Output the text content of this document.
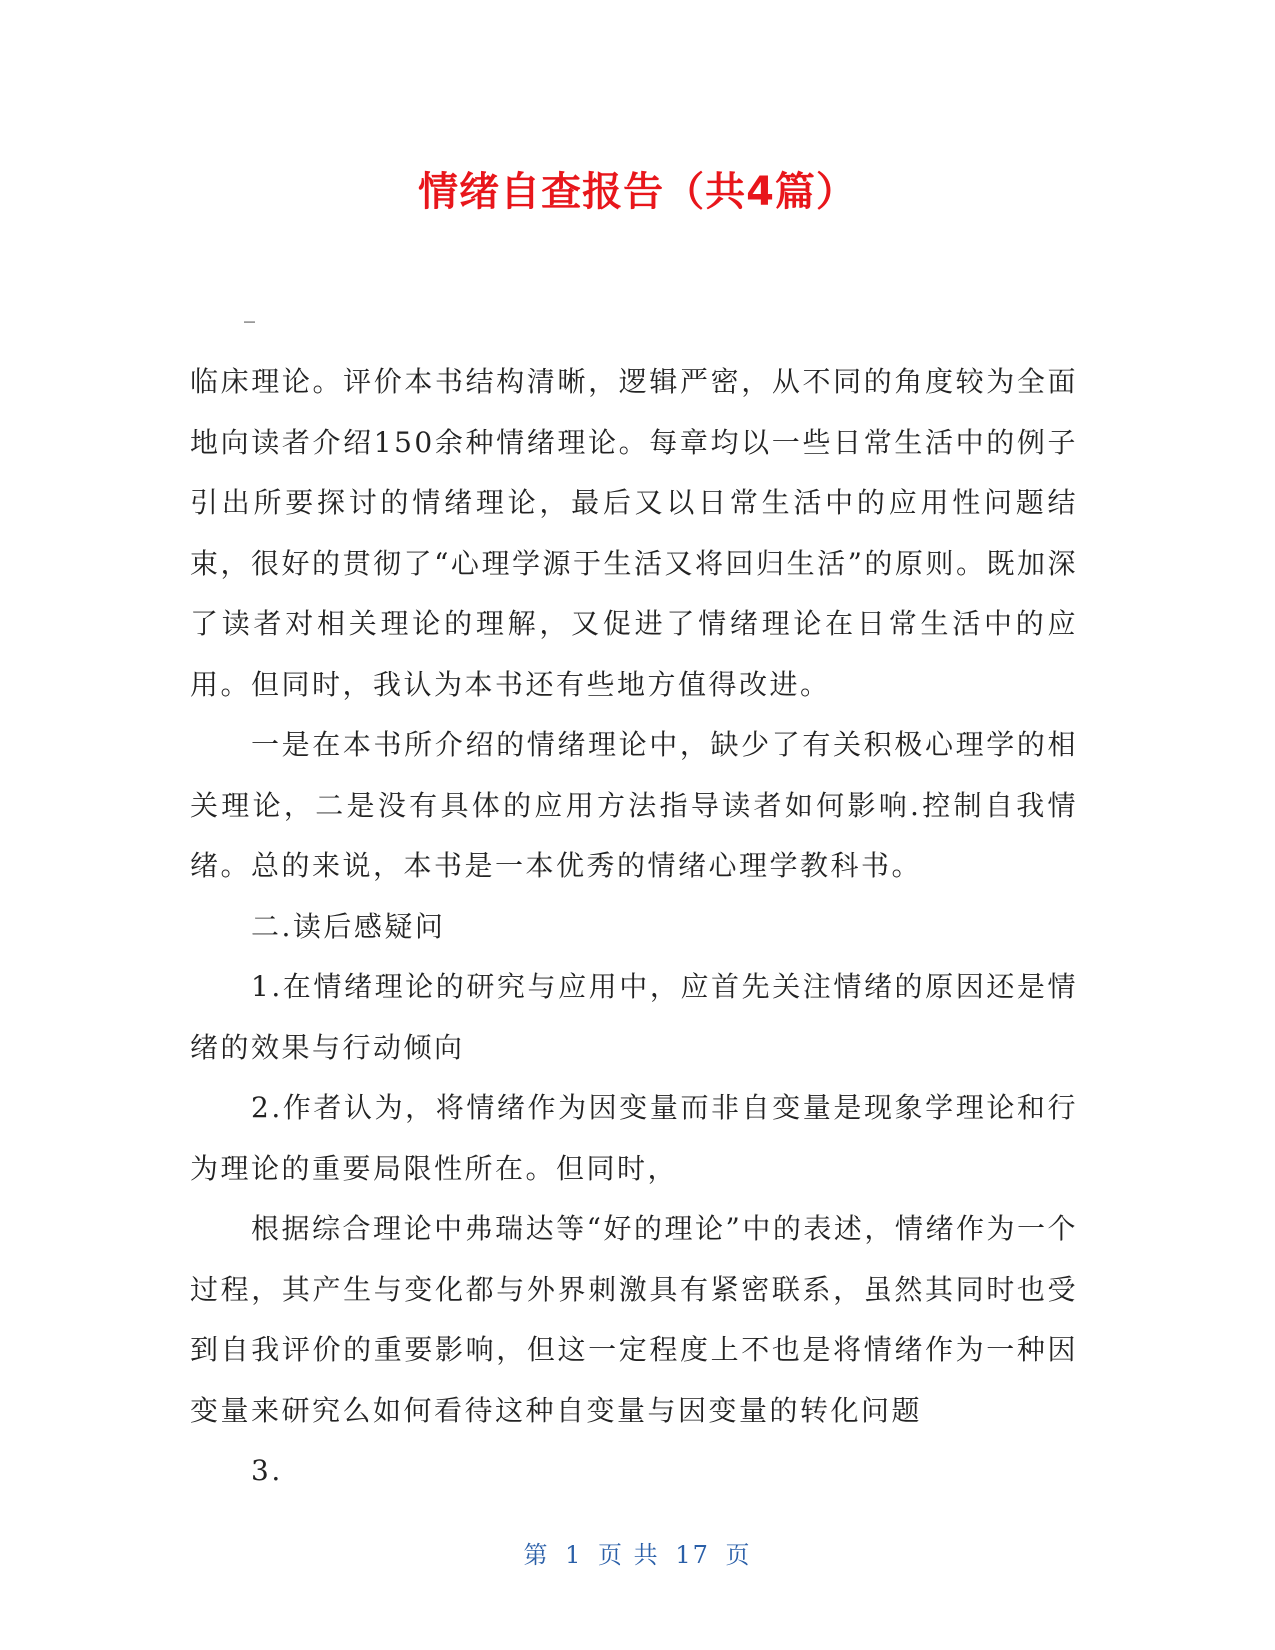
情绪自查报告（共4篇）
_

临床理论。评价本书结构清晰，逻辑严密，从不同的角度较为全面地向读者介绍150余种情绪理论。每章均以一些日常生活中的例子引出所要探讨的情绪理论，最后又以日常生活中的应用性问题结束，很好的贯彻了“心理学源于生活又将回归生活”的原则。既加深了读者对相关理论的理解，又促进了情绪理论在日常生活中的应用。但同时，我认为本书还有些地方值得改进。

一是在本书所介绍的情绪理论中，缺少了有关积极心理学的相关理论，二是没有具体的应用方法指导读者如何影响.控制自我情绪。总的来说，本书是一本优秀的情绪心理学教科书。

二.读后感疑问

1.在情绪理论的研究与应用中，应首先关注情绪的原因还是情绪的效果与行动倾向

2.作者认为，将情绪作为因变量而非自变量是现象学理论和行为理论的重要局限性所在。但同时，

根据综合理论中弗瑞达等“好的理论”中的表述，情绪作为一个过程，其产生与变化都与外界刺激具有紧密联系，虽然其同时也受到自我评价的重要影响，但这一定程度上不也是将情绪作为一种因变量来研究么如何看待这种自变量与因变量的转化问题

3.

第 1 页 共 17 页
